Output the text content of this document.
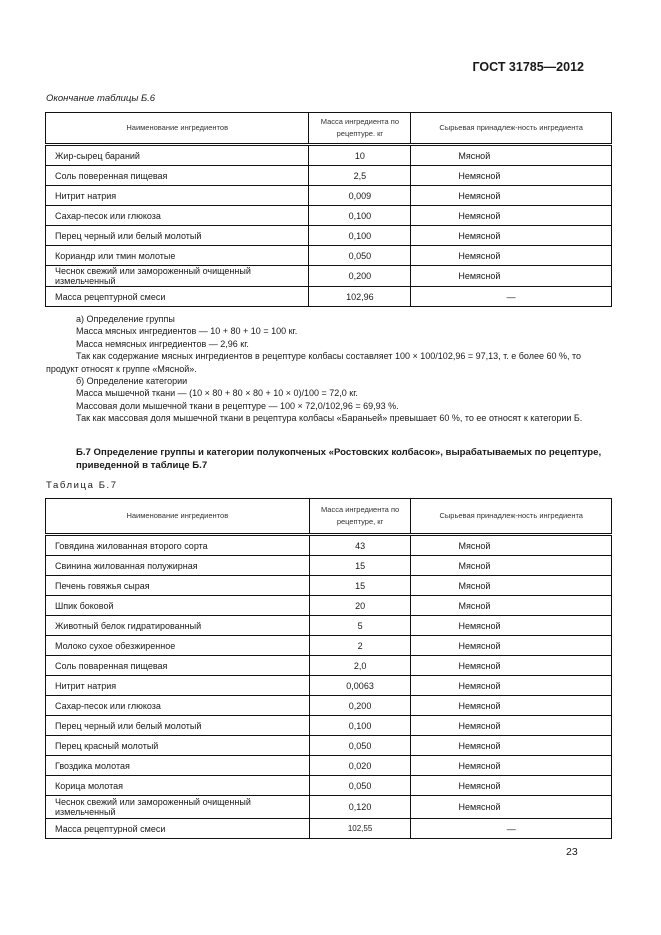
ГОСТ 31785—2012
Окончание таблицы Б.6
Наименование ингредиентов	Масса ингредиента по рецептуре. кг	Сырьевая принадлеж-ность ингредиента
Жир-сырец бараний	10	Мясной
Соль поверенная пищевая	2,5	Немясной
Нитрит натрия	0,009	Немясной
Сахар-песок или глюкоза	0,100	Немясной
Перец черный или белый молотый	0,100	Немясной
Кориандр или тмин молотые	0,050	Немясной
Чеснок свежий или замороженный очищенный измельченный	0,200	Немясной
Масса рецептурной смеси	102,96	—

а) Определение группы

Масса мясных ингредиентов — 10 + 80 + 10 = 100 кг.

Масса немясных ингредиентов — 2,96 кг.

Так как содержание мясных ингредиентов в рецептуре колбасы составляет 100 × 100/102,96 = 97,13, т. е более 60 %, то продукт относят к группе «Мясной».

б) Определение категории

Масса мышечной ткани — (10 × 80 + 80 × 80 + 10 × 0)/100 = 72,0 кг.

Массовая доли мышечной ткани в рецептуре — 100 × 72,0/102,96 = 69,93 %.

Так как массовая доля мышечной ткани в рецептура колбасы «Бараньей» превышает 60 %, то ее относят к категории Б.

Б.7 Определение группы и категории полукопченых «Ростовских колбасок», вырабатываемых по рецептуре, приведенной в таблице Б.7
Таблица Б.7
Наименование ингредиентов	Масса ингредиента по рецептуре, кг	Сырьевая принадлеж-ность ингредиента
Говядина жилованная второго сорта	43	Мясной
Свинина жилованная полужирная	15	Мясной
Печень говяжья сырая	15	Мясной
Шпик боковой	20	Мясной
Животный белок гидратированный	5	Немясной
Молоко сухое обезжиренное	2	Немясной
Соль поваренная пищевая	2,0	Немясной
Нитрит натрия	0,0063	Немясной
Сахар-песок или глюкоза	0,200	Немясной
Перец черный или белый молотый	0,100	Немясной
Перец красный молотый	0,050	Немясной
Гвоздика молотая	0,020	Немясной
Корица молотая	0,050	Немясной
Чеснок свежий или замороженный очищенный измельченный	0,120	Немясной
Масса рецептурной смеси	102,55	—
23
